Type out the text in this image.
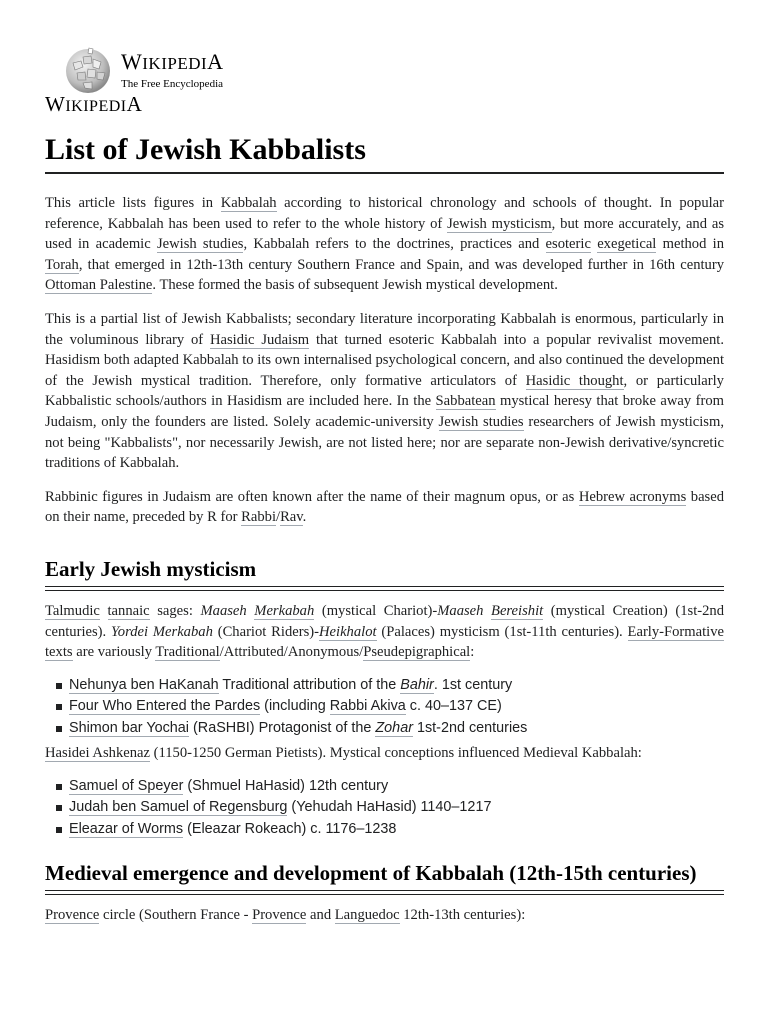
WIKIPEDIA
The Free Encyclopedia
WIKIPEDIA
List of Jewish Kabbalists

This article lists figures in Kabbalah according to historical chronology and schools of thought. In popular reference, Kabbalah has been used to refer to the whole history of Jewish mysticism, but more accurately, and as used in academic Jewish studies, Kabbalah refers to the doctrines, practices and esoteric exegetical method in Torah, that emerged in 12th-13th century Southern France and Spain, and was developed further in 16th century Ottoman Palestine. These formed the basis of subsequent Jewish mystical development.

This is a partial list of Jewish Kabbalists; secondary literature incorporating Kabbalah is enormous, particularly in the voluminous library of Hasidic Judaism that turned esoteric Kabbalah into a popular revivalist movement. Hasidism both adapted Kabbalah to its own internalised psychological concern, and also continued the development of the Jewish mystical tradition. Therefore, only formative articulators of Hasidic thought, or particularly Kabbalistic schools/authors in Hasidism are included here. In the Sabbatean mystical heresy that broke away from Judaism, only the founders are listed. Solely academic-university Jewish studies researchers of Jewish mysticism, not being "Kabbalists", nor necessarily Jewish, are not listed here; nor are separate non-Jewish derivative/syncretic traditions of Kabbalah.

Rabbinic figures in Judaism are often known after the name of their magnum opus, or as Hebrew acronyms based on their name, preceded by R for Rabbi/Rav.

Early Jewish mysticism

Talmudic tannaic sages: Maaseh Merkabah (mystical Chariot)-Maaseh Bereishit (mystical Creation) (1st-2nd centuries). Yordei Merkabah (Chariot Riders)-Heikhalot (Palaces) mysticism (1st-11th centuries). Early-Formative texts are variously Traditional/Attributed/Anonymous/Pseudepigraphical:

Nehunya ben HaKanah Traditional attribution of the Bahir. 1st century
Four Who Entered the Pardes (including Rabbi Akiva c. 40–137 CE)
Shimon bar Yochai (RaSHBI) Protagonist of the Zohar 1st-2nd centuries

Hasidei Ashkenaz (1150-1250 German Pietists). Mystical conceptions influenced Medieval Kabbalah:

Samuel of Speyer (Shmuel HaHasid) 12th century
Judah ben Samuel of Regensburg (Yehudah HaHasid) 1140–1217
Eleazar of Worms (Eleazar Rokeach) c. 1176–1238
Medieval emergence and development of Kabbalah (12th-15th centuries)

Provence circle (Southern France - Provence and Languedoc 12th-13th centuries):
